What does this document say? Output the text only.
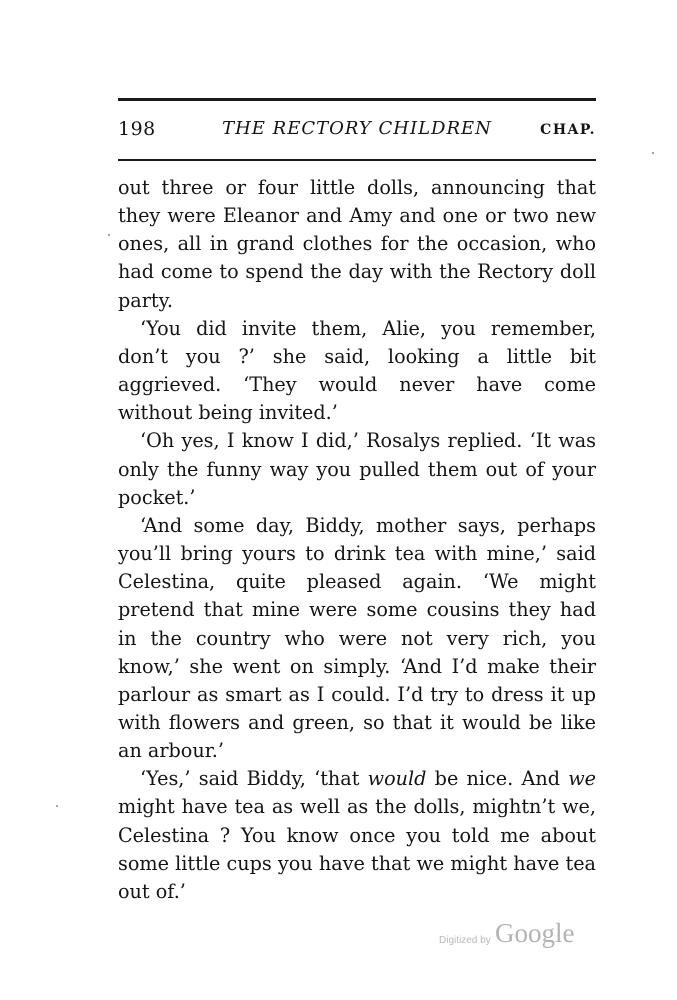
198	THE RECTORY CHILDREN	CHAP.

out three or four little dolls, announcing that they were Eleanor and Amy and one or two new ones, all in grand clothes for the occasion, who had come to spend the day with the Rectory doll party.

‘You did invite them, Alie, you remember, don’t you ?’ she said, looking a little bit aggrieved. ‘They would never have come without being invited.’

‘Oh yes, I know I did,’ Rosalys replied. ‘It was only the funny way you pulled them out of your pocket.’

‘And some day, Biddy, mother says, perhaps you’ll bring yours to drink tea with mine,’ said Celestina, quite pleased again. ‘We might pretend that mine were some cousins they had in the country who were not very rich, you know,’ she went on simply. ‘And I’d make their parlour as smart as I could. I’d try to dress it up with flowers and green, so that it would be like an arbour.’

‘Yes,’ said Biddy, ‘that would be nice. And we might have tea as well as the dolls, mightn’t we, Celestina ? You know once you told me about some little cups you have that we might have tea out of.’

Digitized by Google
